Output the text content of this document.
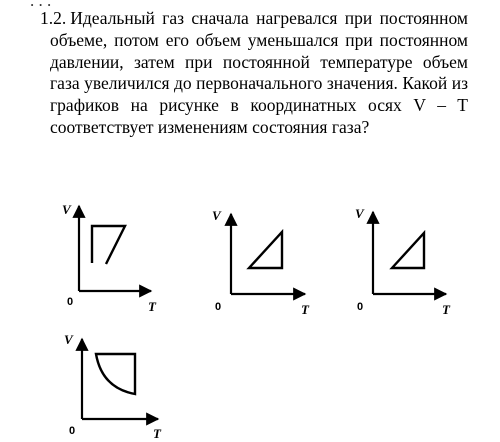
. . .
1.2. Идеальный газ сначала нагревался при постоянном объеме, потом его объем уменьшался при постоянном давлении, затем при постоянной температуре объем газа увеличился до первоначального значения. Какой из графиков на рисунке в координатных осях V – T соответствует изменениям состояния газа?
V
T
0
V
T
0
V
T
0
V
T
0
